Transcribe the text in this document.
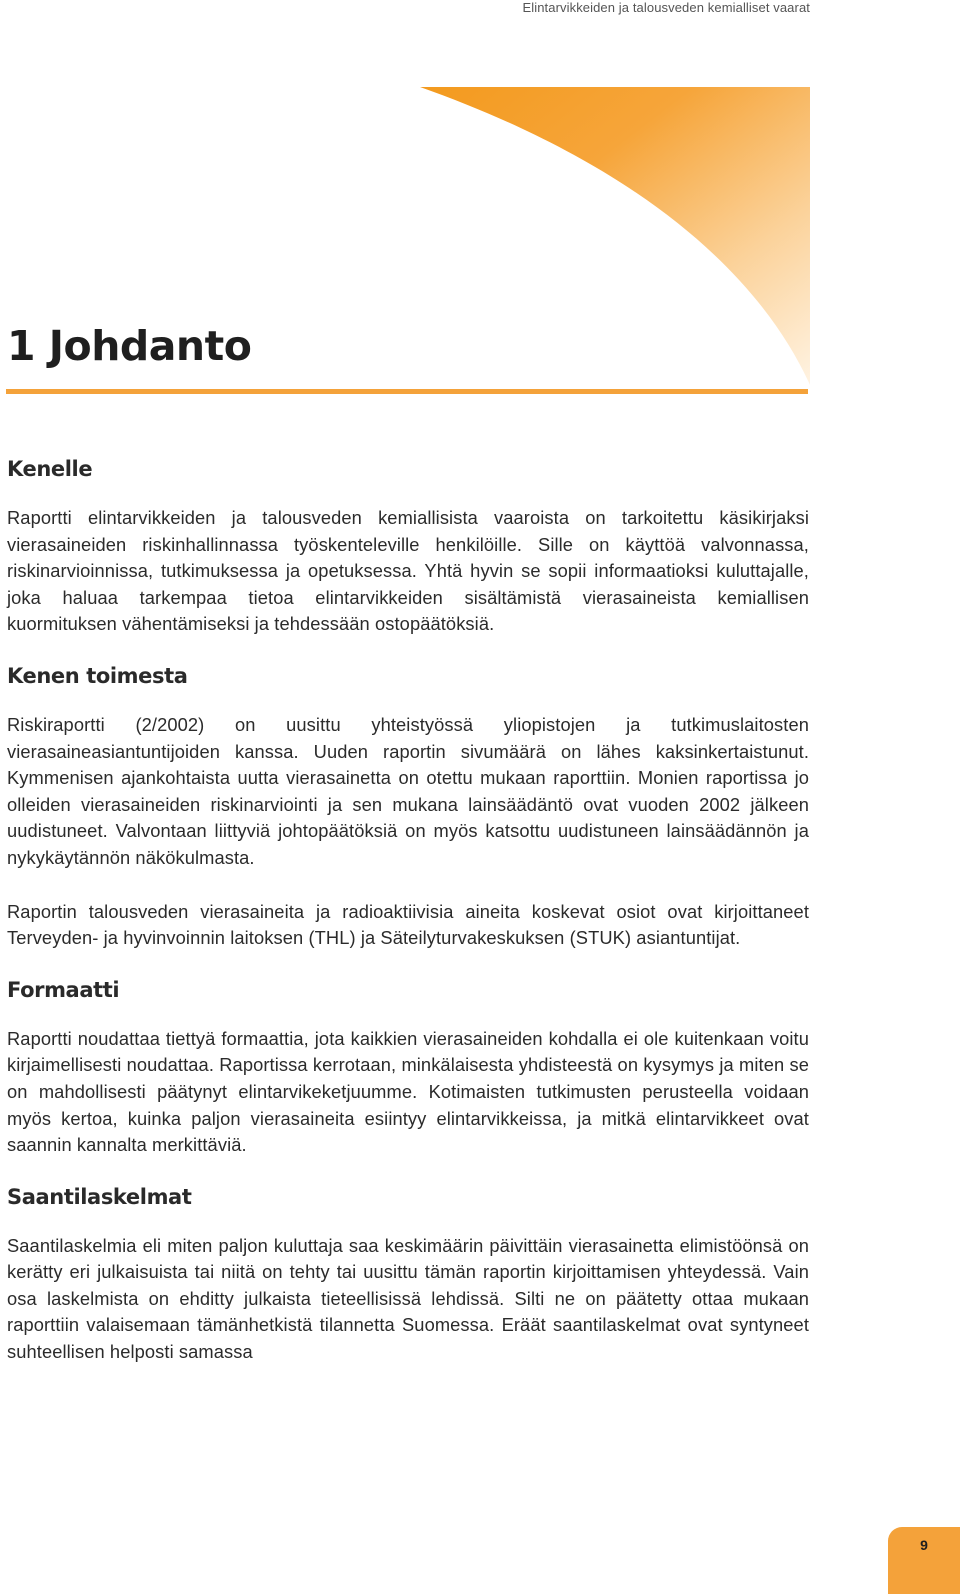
Elintarvikkeiden ja talousveden kemialliset vaarat
1 Johdanto
Kenelle

Raportti elintarvikkeiden ja talousveden kemiallisista vaaroista on tarkoitettu käsikirjaksi vierasaineiden riskinhallinnassa työskenteleville henkilöille. Sille on käyttöä valvonnassa, riskinarvioinnissa, tutkimuksessa ja opetuksessa. Yhtä hyvin se sopii informaatioksi kuluttajalle, joka haluaa tarkempaa tietoa elintarvikkeiden sisältämistä vierasaineista kemiallisen kuormituksen vähentämiseksi ja tehdessään ostopäätöksiä.

Kenen toimesta

Riskiraportti (2/2002) on uusittu yhteistyössä yliopistojen ja tutkimuslaitosten vierasaineasiantuntijoiden kanssa. Uuden raportin sivumäärä on lähes kaksinkertaistunut. Kymmenisen ajankohtaista uutta vierasainetta on otettu mukaan raporttiin. Monien raportissa jo olleiden vierasaineiden riskinarviointi ja sen mukana lainsäädäntö ovat vuoden 2002 jälkeen uudistuneet. Valvontaan liittyviä johtopäätöksiä on myös katsottu uudistuneen lainsäädännön ja nykykäytännön näkökulmasta.

Raportin talousveden vierasaineita ja radioaktiivisia aineita koskevat osiot ovat kirjoittaneet Terveyden- ja hyvinvoinnin laitoksen (THL) ja Säteilyturvakeskuksen (STUK) asiantuntijat.

Formaatti

Raportti noudattaa tiettyä formaattia, jota kaikkien vierasaineiden kohdalla ei ole kuitenkaan voitu kirjaimellisesti noudattaa. Raportissa kerrotaan, minkälaisesta yhdisteestä on kysymys ja miten se on mahdollisesti päätynyt elintarvikeketjuumme. Kotimaisten tutkimusten perusteella voidaan myös kertoa, kuinka paljon vierasaineita esiintyy elintarvikkeissa, ja mitkä elintarvikkeet ovat saannin kannalta merkittäviä.

Saantilaskelmat

Saantilaskelmia eli miten paljon kuluttaja saa keskimäärin päivittäin vierasainetta elimistöönsä on kerätty eri julkaisuista tai niitä on tehty tai uusittu tämän raportin kirjoittamisen yhteydessä. Vain osa laskelmista on ehditty julkaista tieteellisissä lehdissä. Silti ne on päätetty ottaa mukaan raporttiin valaisemaan tämänhetkistä tilannetta Suomessa. Eräät saantilaskelmat ovat syntyneet suhteellisen helposti samassa

9
